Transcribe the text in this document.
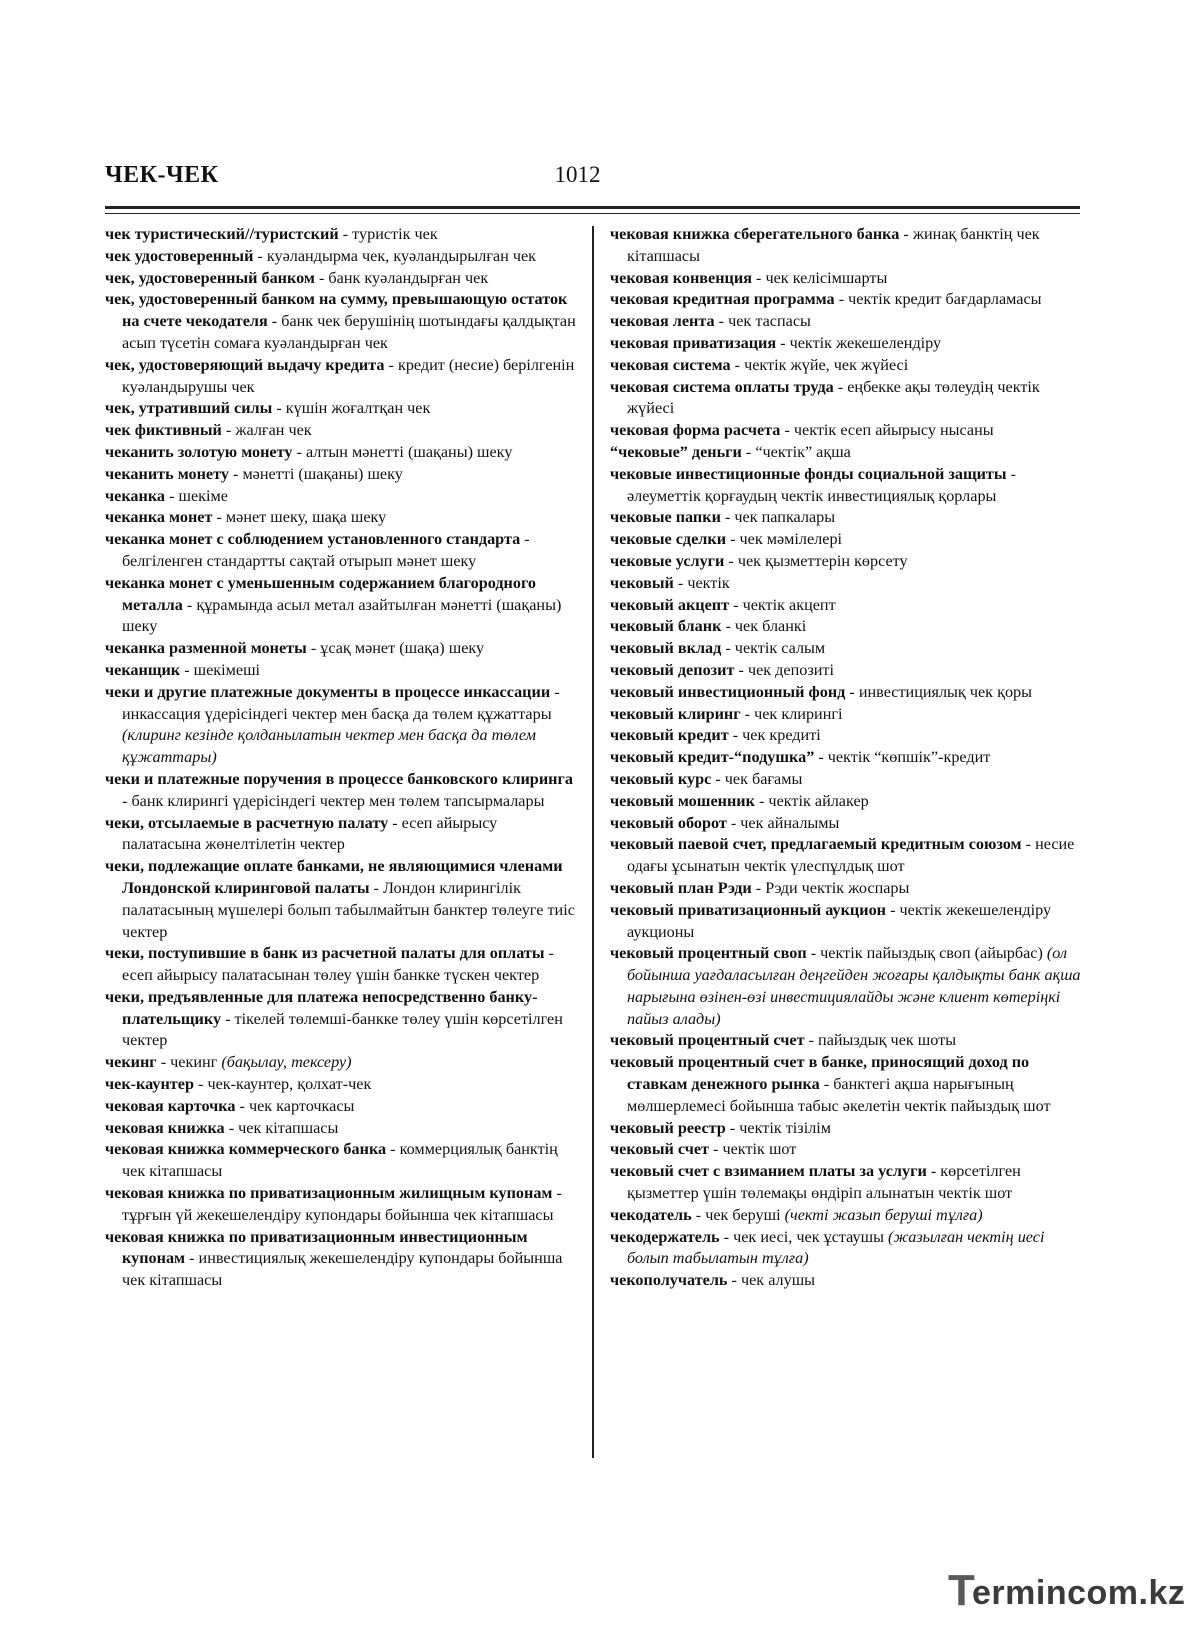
ЧЕК-ЧЕК	1012

чек туристический//туристский - туристік чек

чек удостоверенный - куәландырма чек, куәландырылған чек

чек, удостоверенный банком - банк куәландырған чек

чек, удостоверенный банком на сумму, превышающую остаток на счете чекодателя - банк чек берушінің шотындағы қалдықтан асып түсетін сомаға куәландырған чек

чек, удостоверяющий выдачу кредита - кредит (несие) берілгенін куәландырушы чек

чек, утративший силы - күшін жоғалтқан чек

чек фиктивный - жалған чек

чеканить золотую монету - алтын мәнетті (шақаны) шеку

чеканить монету - мәнетті (шақаны) шеку

чеканка - шекіме

чеканка монет - мәнет шеку, шақа шеку

чеканка монет с соблюдением установленного стандарта - белгіленген стандартты сақтай отырып мәнет шеку

чеканка монет с уменьшенным содержанием благородного металла - құрамында асыл метал азайтылған мәнетті (шақаны) шеку

чеканка разменной монеты - ұсақ мәнет (шақа) шеку

чеканщик - шекімеші

чеки и другие платежные документы в процессе инкассации - инкассация үдерісіндегі чектер мен басқа да төлем құжаттары (клиринг кезінде қолданылатын чектер мен басқа да төлем құжаттары)

чеки и платежные поручения в процессе банковского клиринга - банк клирингі үдерісіндегі чектер мен төлем тапсырмалары

чеки, отсылаемые в расчетную палату - есеп айырысу палатасына жөнелтілетін чектер

чеки, подлежащие оплате банками, не являющимися членами Лондонской клиринговой палаты - Лондон клирингілік палатасының мүшелері болып табылмайтын банктер төлеуге тиіс чектер

чеки, поступившие в банк из расчетной палаты для оплаты - есеп айырысу палатасынан төлеу үшін банкке түскен чектер

чеки, предъявленные для платежа непосредственно банку-плательщику - тікелей төлемші-банкке төлеу үшін көрсетілген чектер

чекинг - чекинг (бақылау, тексеру)

чек-каунтер - чек-каунтер, қолхат-чек

чековая карточка - чек карточкасы

чековая книжка - чек кітапшасы

чековая книжка коммерческого банка - коммерциялық банктің чек кітапшасы

чековая книжка по приватизационным жилищным купонам - тұрғын үй жекешелендіру купондары бойынша чек кітапшасы

чековая книжка по приватизационным инвестиционным купонам - инвестициялық жекешелендіру купондары бойынша чек кітапшасы

чековая книжка сберегательного банка - жинақ банктің чек кітапшасы

чековая конвенция - чек келісімшарты

чековая кредитная программа - чектік кредит бағдарламасы

чековая лента - чек таспасы

чековая приватизация - чектік жекешелендіру

чековая система - чектік жүйе, чек жүйесі

чековая система оплаты труда - еңбекке ақы төлеудің чектік жүйесі

чековая форма расчета - чектік есеп айырысу нысаны

“чековые” деньги - “чектік” ақша

чековые инвестиционные фонды социальной защиты - әлеуметтік қорғаудың чектік инвестициялық қорлары

чековые папки - чек папкалары

чековые сделки - чек мәмілелері

чековые услуги - чек қызметтерін көрсету

чековый - чектік

чековый акцепт - чектік акцепт

чековый бланк - чек бланкі

чековый вклад - чектік салым

чековый депозит - чек депозиті

чековый инвестиционный фонд - инвестициялық чек қоры

чековый клиринг - чек клирингі

чековый кредит - чек кредиті

чековый кредит-“подушка” - чектік “көпшік”-кредит

чековый курс - чек бағамы

чековый мошенник - чектік айлакер

чековый оборот - чек айналымы

чековый паевой счет, предлагаемый кредитным союзом - несие одағы ұсынатын чектік үлеспұлдық шот

чековый план Рэди - Рэди чектік жоспары

чековый приватизационный аукцион - чектік жекешелендіру аукционы

чековый процентный своп - чектік пайыздық своп (айырбас) (ол бойынша уағдаласылған деңгейден жоғары қалдықты банк ақша нарығына өзінен-өзі инвестициялайды және клиент көтеріңкі пайыз алады)

чековый процентный счет - пайыздық чек шоты

чековый процентный счет в банке, приносящий доход по ставкам денежного рынка - банктегі ақша нарығының мөлшерлемесі бойынша табыс әкелетін чектік пайыздық шот

чековый реестр - чектік тізілім

чековый счет - чектік шот

чековый счет с взиманием платы за услуги - көрсетілген қызметтер үшін төлемақы өндіріп алынатын чектік шот

чекодатель - чек беруші (чекті жазып беруші тұлға)

чекодержатель - чек иесі, чек ұстаушы (жазылған чектің иесі болып табылатын тұлға)

чекополучатель - чек алушы

T
ermincom.kz
